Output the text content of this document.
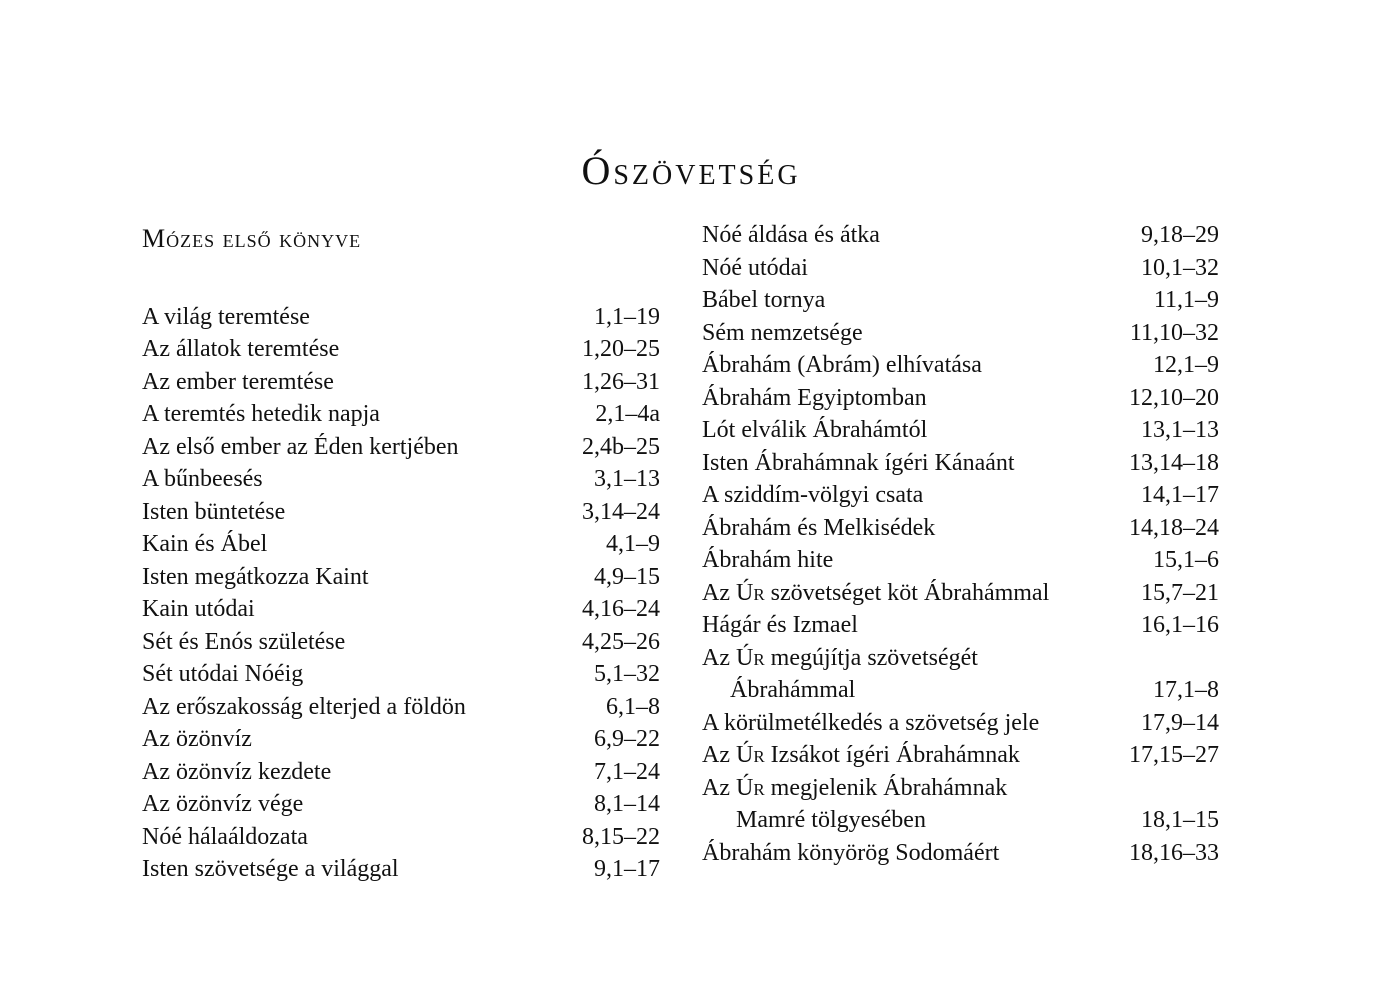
Ószövetség
Mózes első könyve
A világ teremtése	1,1–19
Az állatok teremtése	1,20–25
Az ember teremtése	1,26–31
A teremtés hetedik napja	2,1–4a
Az első ember az Éden kertjében	2,4b–25
A bűnbeesés	3,1–13
Isten büntetése	3,14–24
Kain és Ábel	4,1–9
Isten megátkozza Kaint	4,9–15
Kain utódai	4,16–24
Sét és Enós születése	4,25–26
Sét utódai Nóéig	5,1–32
Az erőszakosság elterjed a földön	6,1–8
Az özönvíz	6,9–22
Az özönvíz kezdete	7,1–24
Az özönvíz vége	8,1–14
Nóé hálaáldozata	8,15–22
Isten szövetsége a világgal	9,1–17
Nóé áldása és átka	9,18–29
Nóé utódai	10,1–32
Bábel tornya	11,1–9
Sém nemzetsége	11,10–32
Ábrahám (Abrám) elhívatása	12,1–9
Ábrahám Egyiptomban	12,10–20
Lót elválik Ábrahámtól	13,1–13
Isten Ábrahámnak ígéri Kánaánt	13,14–18
A sziddím-völgyi csata	14,1–17
Ábrahám és Melkisédek	14,18–24
Ábrahám hite	15,1–6
Az Úr szövetséget köt Ábrahámmal	15,7–21
Hágár és Izmael	16,1–16
Az Úr megújítja szövetségét
Ábrahámmal	17,1–8
A körülmetélkedés a szövetség jele	17,9–14
Az Úr Izsákot ígéri Ábrahámnak	17,15–27
Az Úr megjelenik Ábrahámnak
Mamré tölgyesében	18,1–15
Ábrahám könyörög Sodomáért	18,16–33
